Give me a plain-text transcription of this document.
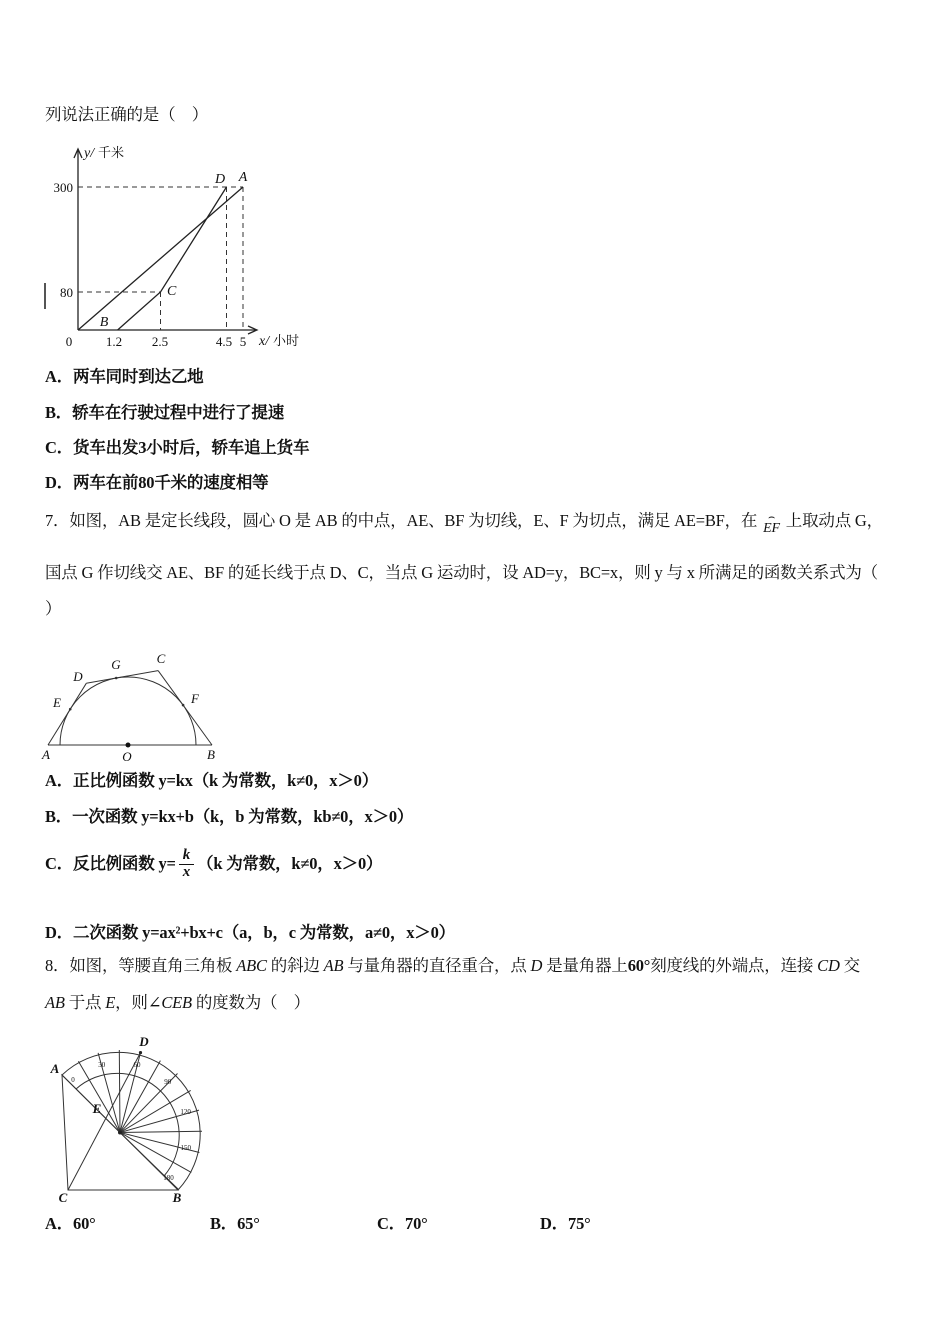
列说法正确的是（　）
y/ 千米
x/ 小时
300
80
0	1.2 2.5	4.5 5
D A
C
B
A．两车同时到达乙地
B．轿车在行驶过程中进行了提速
C．货车出发3小时后，轿车追上货车
D．两车在前80千米的速度相等
7．如图，AB 是定长线段，圆心 O 是 AB 的中点，AE、BF 为切线，E、F 为切点，满足 AE=BF，在 ⌢
EF 上取动点 G，
国点 G 作切线交 AE、BF 的延长线于点 D、C，当点 G 运动时，设 AD=y，BC=x，则 y 与 x 所满足的函数关系式为（
）
A	B
O
D
G	C
E	F
A．正比例函数 y=kx（k 为常数，k≠0，x＞0）
B．一次函数 y=kx+b（k，b 为常数，kb≠0，x＞0）
C．反比例函数 $y= \frac{k}{x} (k$ 为常数，k≠0，x＞0）
D．二次函数 y=ax²+bx+c（a，b，c 为常数，a≠0，x＞0）
8．如图，等腰直角三角板 ABC 的斜边 AB 与量角器的直径重合，点 D 是量角器上60°刻度线的外端点，连接 CD 交
AB 于点 E，则∠CEB 的度数为（　）
0
30	60
90
120
150
180
A
B
C
D
E
A．60°	B．65°	C．70°	D．75°
